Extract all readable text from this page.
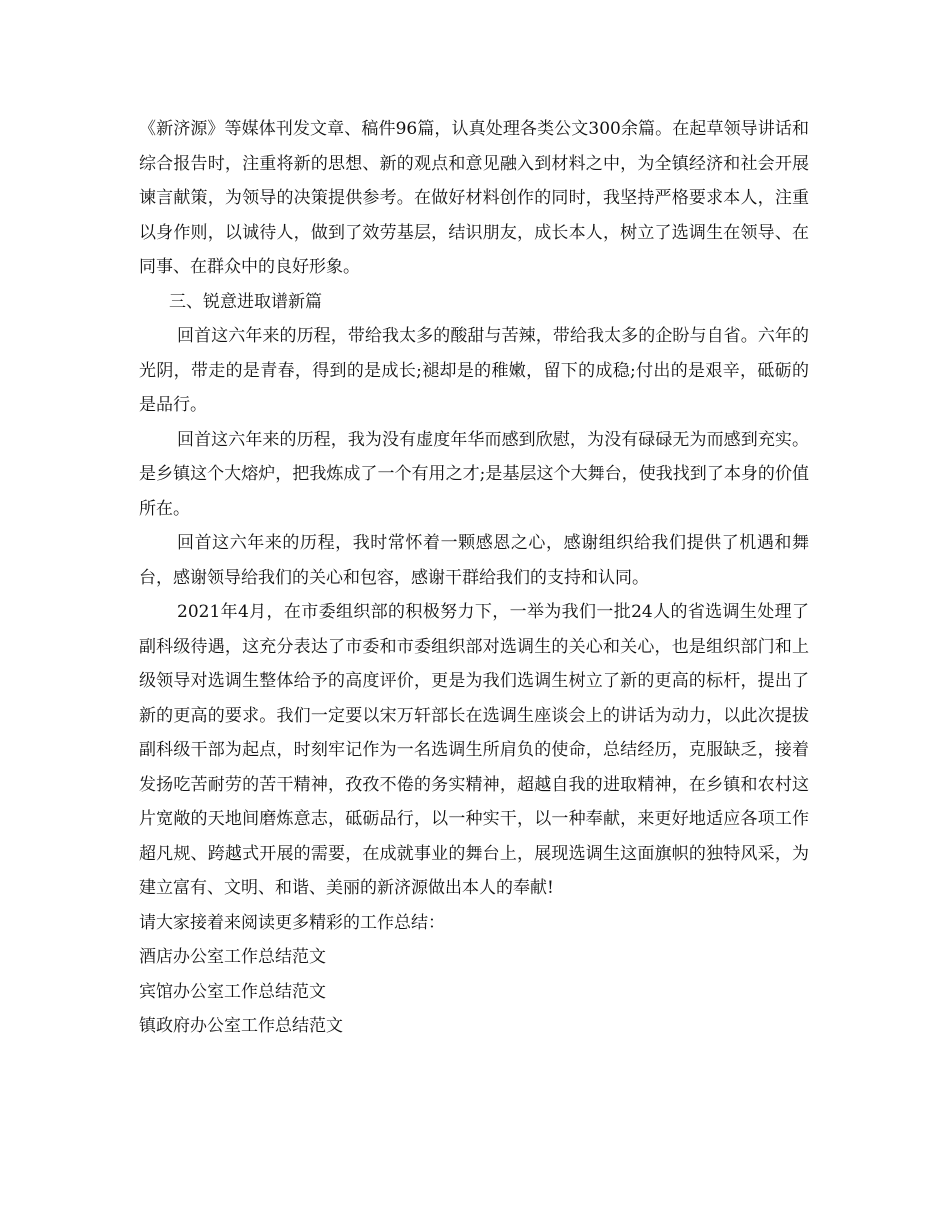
《新济源》等媒体刊发文章、稿件96篇，认真处理各类公文300余篇。在起草领导讲话和综合报告时，注重将新的思想、新的观点和意见融入到材料之中，为全镇经济和社会开展谏言献策，为领导的决策提供参考。在做好材料创作的同时，我坚持严格要求本人，注重以身作则，以诚待人，做到了效劳基层，结识朋友，成长本人，树立了选调生在领导、在同事、在群众中的良好形象。

三、锐意进取谱新篇

回首这六年来的历程，带给我太多的酸甜与苦辣，带给我太多的企盼与自省。六年的光阴，带走的是青春，得到的是成长;褪却是的稚嫩，留下的成稳;付出的是艰辛，砥砺的是品行。

回首这六年来的历程，我为没有虚度年华而感到欣慰，为没有碌碌无为而感到充实。是乡镇这个大熔炉，把我炼成了一个有用之才;是基层这个大舞台，使我找到了本身的价值所在。

回首这六年来的历程，我时常怀着一颗感恩之心，感谢组织给我们提供了机遇和舞台，感谢领导给我们的关心和包容，感谢干群给我们的支持和认同。

2021年4月，在市委组织部的积极努力下，一举为我们一批24人的省选调生处理了副科级待遇，这充分表达了市委和市委组织部对选调生的关心和关心，也是组织部门和上级领导对选调生整体给予的高度评价，更是为我们选调生树立了新的更高的标杆，提出了新的更高的要求。我们一定要以宋万轩部长在选调生座谈会上的讲话为动力，以此次提拔副科级干部为起点，时刻牢记作为一名选调生所肩负的使命，总结经历，克服缺乏，接着发扬吃苦耐劳的苦干精神，孜孜不倦的务实精神，超越自我的进取精神，在乡镇和农村这片宽敞的天地间磨炼意志，砥砺品行，以一种实干，以一种奉献，来更好地适应各项工作超凡规、跨越式开展的需要，在成就事业的舞台上，展现选调生这面旗帜的独特风采，为建立富有、文明、和谐、美丽的新济源做出本人的奉献!

请大家接着来阅读更多精彩的工作总结：

酒店办公室工作总结范文

宾馆办公室工作总结范文

镇政府办公室工作总结范文
